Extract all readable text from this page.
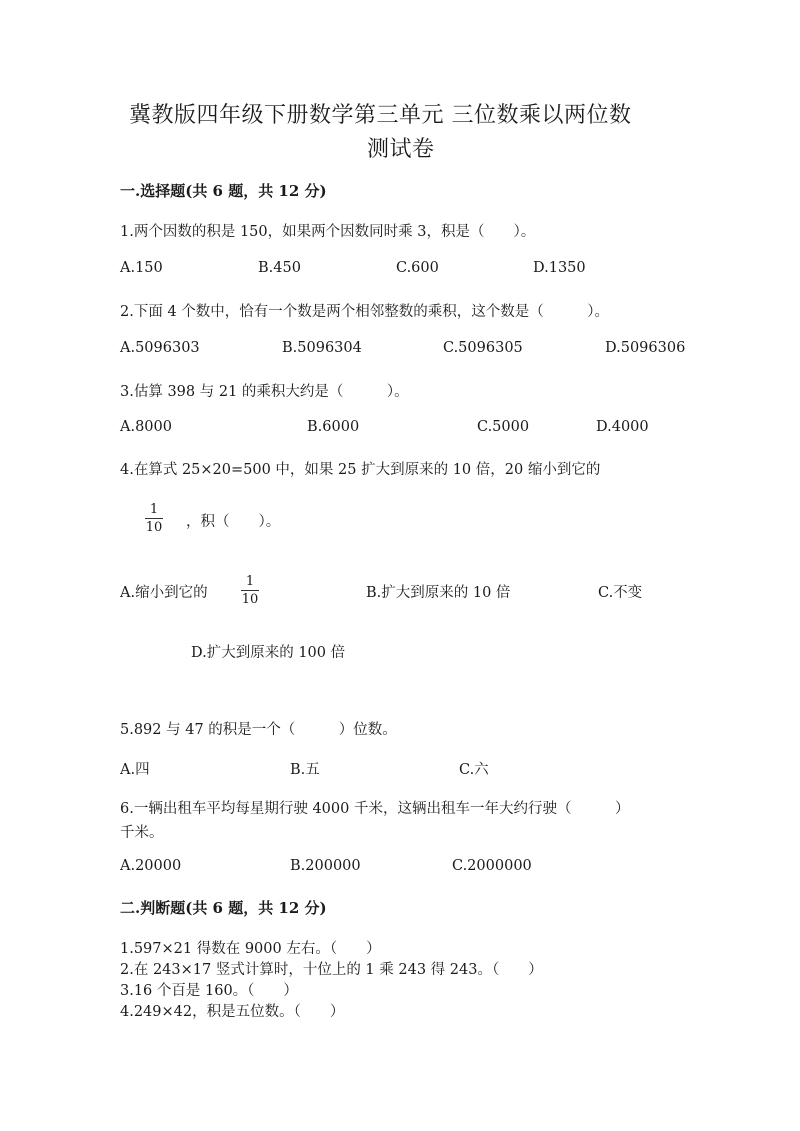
冀教版四年级下册数学第三单元 三位数乘以两位数
测试卷
一.选择题(共 6 题，共 12 分)
1.两个因数的积是 150，如果两个因数同时乘 3，积是（　　）。
A.150	B.450	C.600	D.1350
2.下面 4 个数中，恰有一个数是两个相邻整数的乘积，这个数是（　　　）。
A.5096303	B.5096304	C.5096305	D.5096306
3.估算 398 与 21 的乘积大约是（　　　）。
A.8000	B.6000	C.5000	D.4000
4.在算式 25×20=500 中，如果 25 扩大到原来的 10 倍，20 缩小到它的
1
10 ，积（　　）。
A.缩小到它的
1
10	B.扩大到原来的 10 倍	C.不变
D.扩大到原来的 100 倍
5.892 与 47 的积是一个（　　　）位数。
A.四	B.五	C.六
6.一辆出租车平均每星期行驶 4000 千米，这辆出租车一年大约行驶（　　　）
千米。
A.20000	B.200000	C.2000000
二.判断题(共 6 题，共 12 分)
1.597×21 得数在 9000 左右。（　　）
2.在 243×17 竖式计算时，十位上的 1 乘 243 得 243。（　　）
3.16 个百是 160。（　　）
4.249×42，积是五位数。（　　）
